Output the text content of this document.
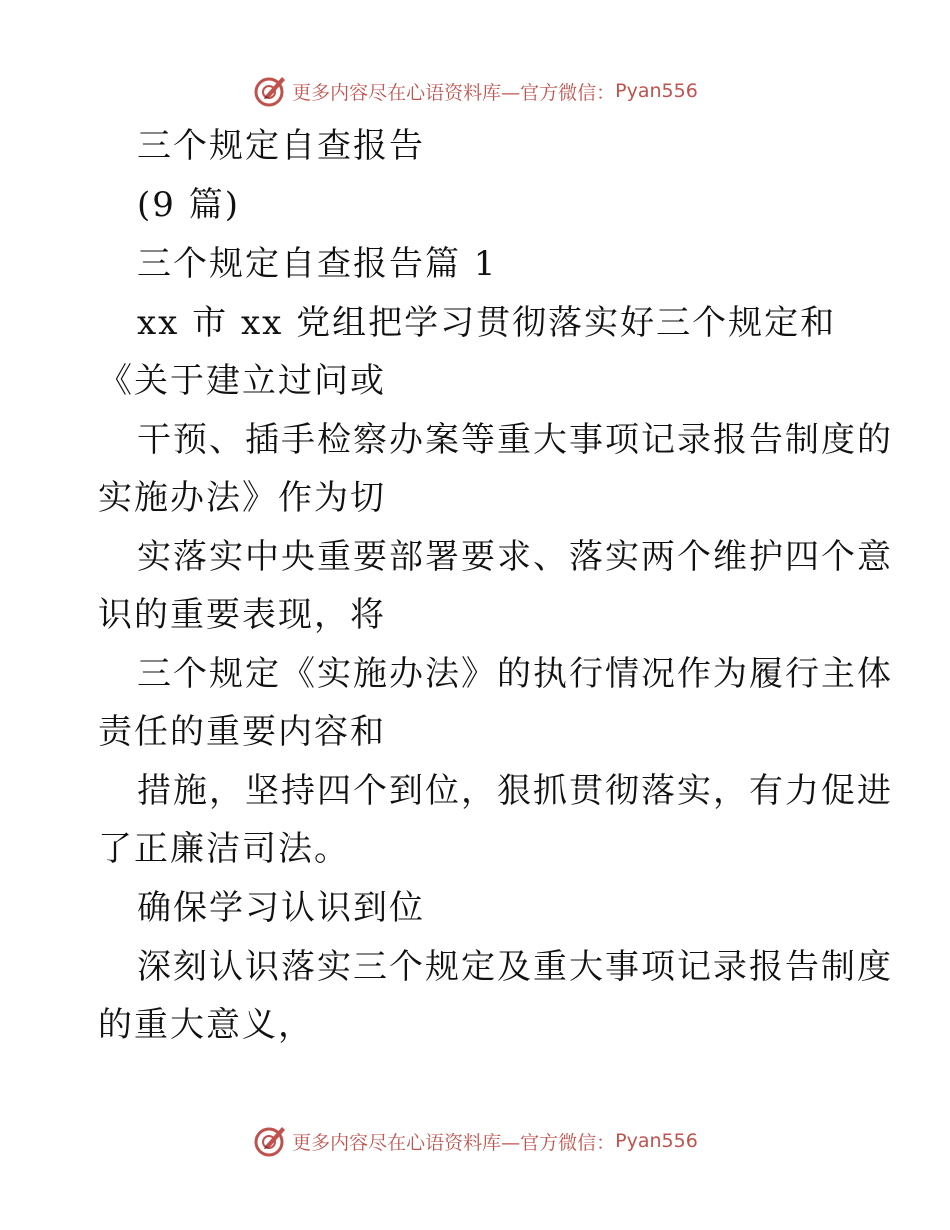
更多内容尽在心语资料库—官方微信： Pyan556
三个规定自查报告
(9 篇)
三个规定自查报告篇 1
xx 市 xx 党组把学习贯彻落实好三个规定和
《关于建立过问或
干预、插手检察办案等重大事项记录报告制度的
实施办法》作为切
实落实中央重要部署要求、落实两个维护四个意
识的重要表现，将
三个规定《实施办法》的执行情况作为履行主体
责任的重要内容和
措施，坚持四个到位，狠抓贯彻落实，有力促进
了正廉洁司法。
确保学习认识到位
深刻认识落实三个规定及重大事项记录报告制度
的重大意义，
更多内容尽在心语资料库—官方微信： Pyan556
